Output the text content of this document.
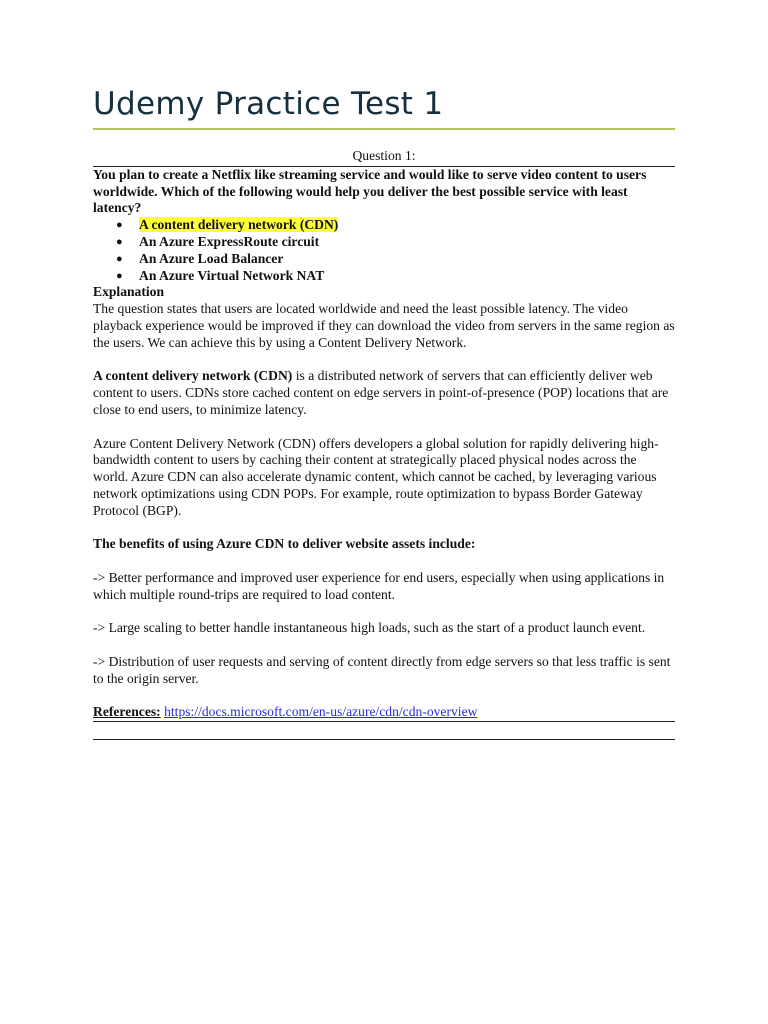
Udemy Practice Test 1

Question 1:

You plan to create a Netflix like streaming service and would like to serve video content to users worldwide. Which of the following would help you deliver the best possible service with least latency?

● A content delivery network (CDN)
● An Azure ExpressRoute circuit
● An Azure Load Balancer
● An Azure Virtual Network NAT

Explanation

The question states that users are located worldwide and need the least possible latency. The video playback experience would be improved if they can download the video from servers in the same region as the users. We can achieve this by using a Content Delivery Network.

A content delivery network (CDN) is a distributed network of servers that can efficiently deliver web content to users. CDNs store cached content on edge servers in point-of-presence (POP) locations that are close to end users, to minimize latency.

Azure Content Delivery Network (CDN) offers developers a global solution for rapidly delivering high-bandwidth content to users by caching their content at strategically placed physical nodes across the world. Azure CDN can also accelerate dynamic content, which cannot be cached, by leveraging various network optimizations using CDN POPs. For example, route optimization to bypass Border Gateway Protocol (BGP).

The benefits of using Azure CDN to deliver website assets include:

-> Better performance and improved user experience for end users, especially when using applications in which multiple round-trips are required to load content.

-> Large scaling to better handle instantaneous high loads, such as the start of a product launch event.

-> Distribution of user requests and serving of content directly from edge servers so that less traffic is sent to the origin server.

References: https://docs.microsoft.com/en-us/azure/cdn/cdn-overview
